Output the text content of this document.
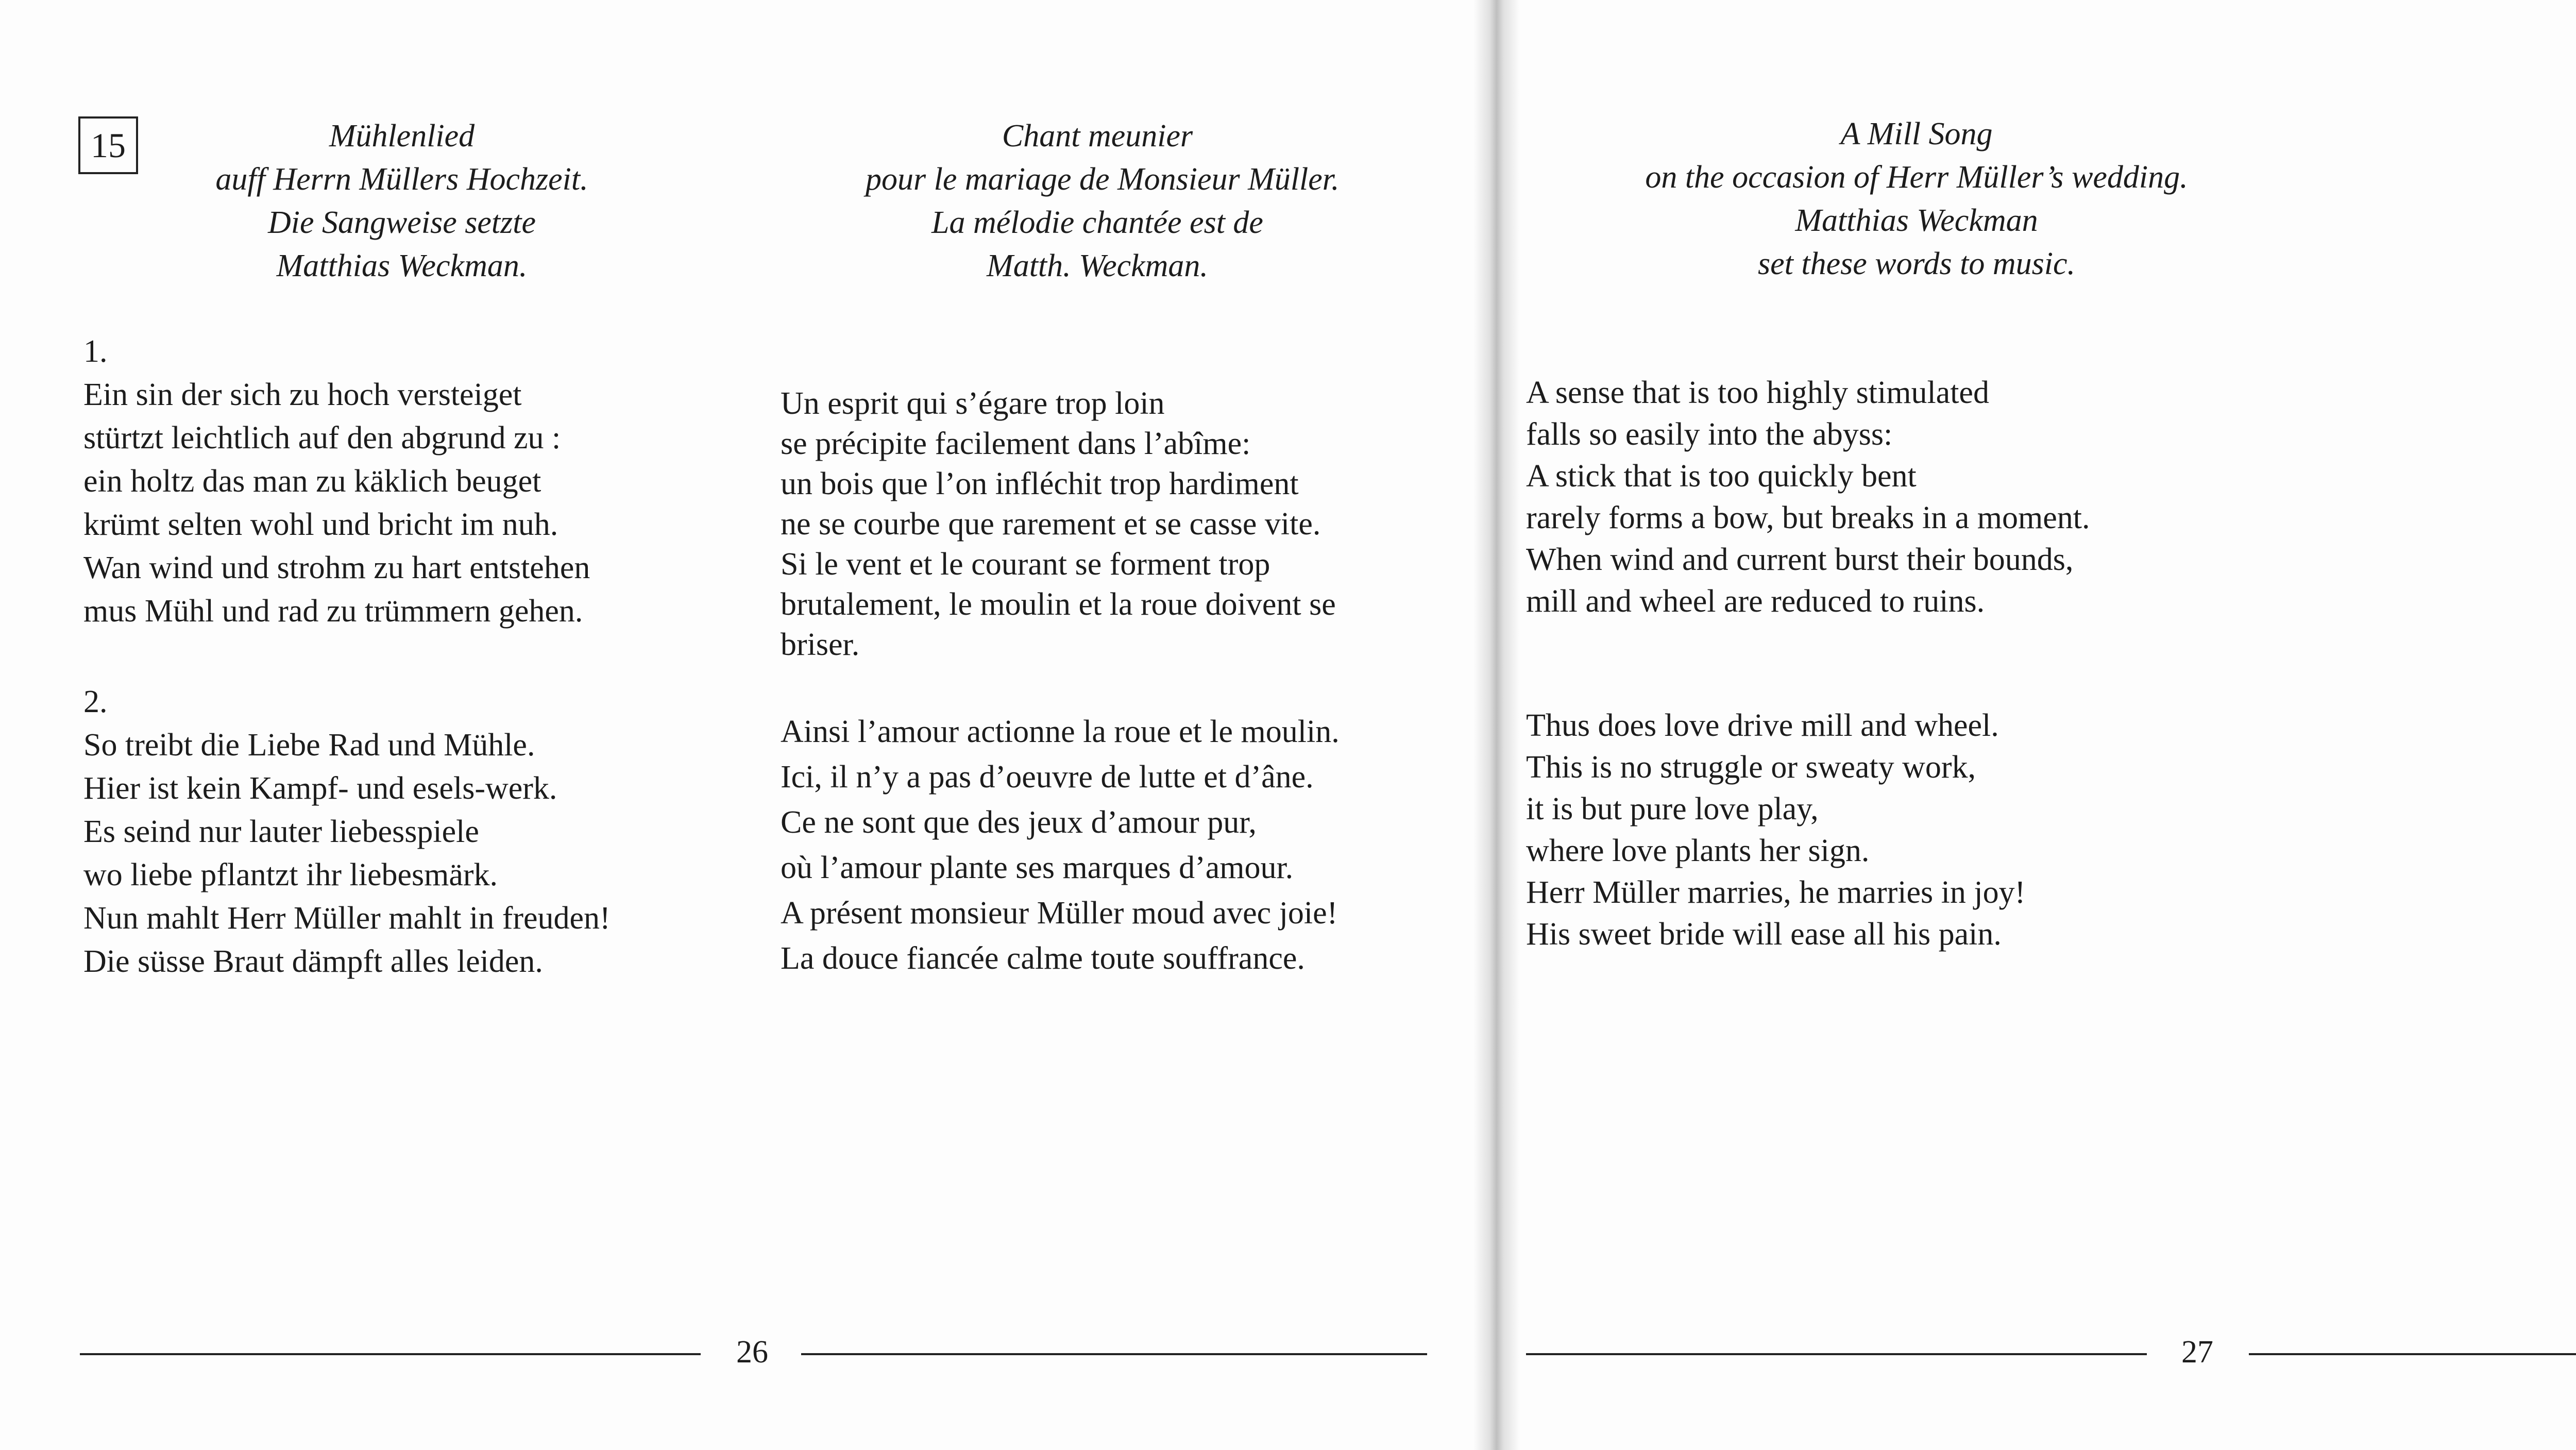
15	Mühlenlied
auff Herrn Müllers Hochzeit.
Die Sangweise setzte
Matthias Weckman.
Chant meunier
pour le mariage de Monsieur Müller.
La mélodie chantée est de
Matth. Weckman.
A Mill Song
on the occasion of Herr Müller’s wedding.
Matthias Weckman
set these words to music.
1.
Ein sin der sich zu hoch versteiget
stürtzt leichtlich auf den abgrund zu :
ein holtz das man zu käklich beuget
krümt selten wohl und bricht im nuh.
Wan wind und strohm zu hart entstehen
mus Mühl und rad zu trümmern gehen.
2.
So treibt die Liebe Rad und Mühle.
Hier ist kein Kampf- und esels-werk.
Es seind nur lauter liebesspiele
wo liebe pflantzt ihr liebesmärk.
Nun mahlt Herr Müller mahlt in freuden!
Die süsse Braut dämpft alles leiden.
Un esprit qui s’égare trop loin
se précipite facilement dans l’abîme:
un bois que l’on infléchit trop hardiment
ne se courbe que rarement et se casse vite.
Si le vent et le courant se forment trop
brutalement, le moulin et la roue doivent se
briser.
Ainsi l’amour actionne la roue et le moulin.
Ici, il n’y a pas d’oeuvre de lutte et d’âne.
Ce ne sont que des jeux d’amour pur,
où l’amour plante ses marques d’amour.
A présent monsieur Müller moud avec joie!
La douce fiancée calme toute souffrance.
A sense that is too highly stimulated
falls so easily into the abyss:
A stick that is too quickly bent
rarely forms a bow, but breaks in a moment.
When wind and current burst their bounds,
mill and wheel are reduced to ruins.
Thus does love drive mill and wheel.
This is no struggle or sweaty work,
it is but pure love play,
where love plants her sign.
Herr Müller marries, he marries in joy!
His sweet bride will ease all his pain.
26	27
